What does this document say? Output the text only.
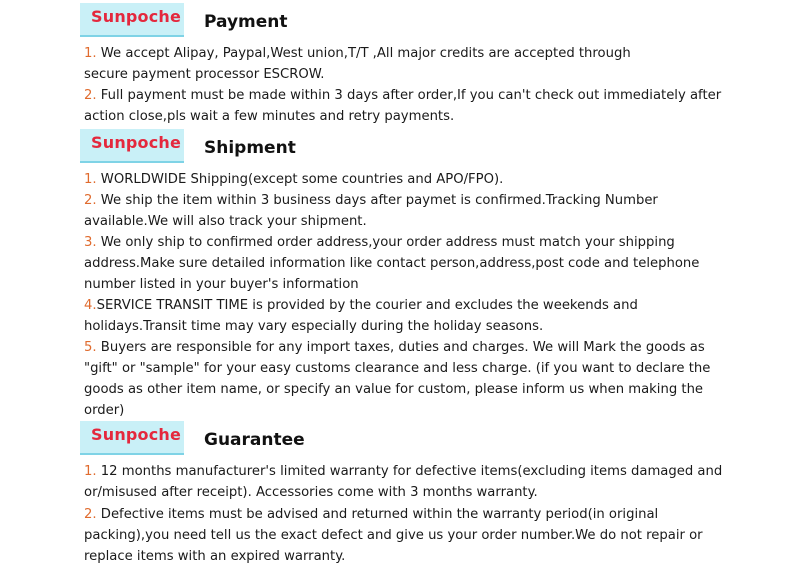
Sunpoche Payment
1. We accept Alipay, Paypal,West union,T/T ,All major credits are accepted through
secure payment processor ESCROW.
2. Full payment must be made within 3 days after order,If you can't check out immediately after
action close,pls wait a few minutes and retry payments.
Sunpoche Shipment
1. WORLDWIDE Shipping(except some countries and APO/FPO).
2. We ship the item within 3 business days after paymet is confirmed.Tracking Number
available.We will also track your shipment.
3. We only ship to confirmed order address,your order address must match your shipping
address.Make sure detailed information like contact person,address,post code and telephone
number listed in your buyer's information
4.SERVICE TRANSIT TIME is provided by the courier and excludes the weekends and
holidays.Transit time may vary especially during the holiday seasons.
5. Buyers are responsible for any import taxes, duties and charges. We will Mark the goods as
"gift" or "sample" for your easy customs clearance and less charge. (if you want to declare the
goods as other item name, or specify an value for custom, please inform us when making the
order)
Sunpoche Guarantee
1. 12 months manufacturer's limited warranty for defective items(excluding items damaged and
or/misused after receipt). Accessories come with 3 months warranty.
2. Defective items must be advised and returned within the warranty period(in original
packing),you need tell us the exact defect and give us your order number.We do not repair or
replace items with an expired warranty.
